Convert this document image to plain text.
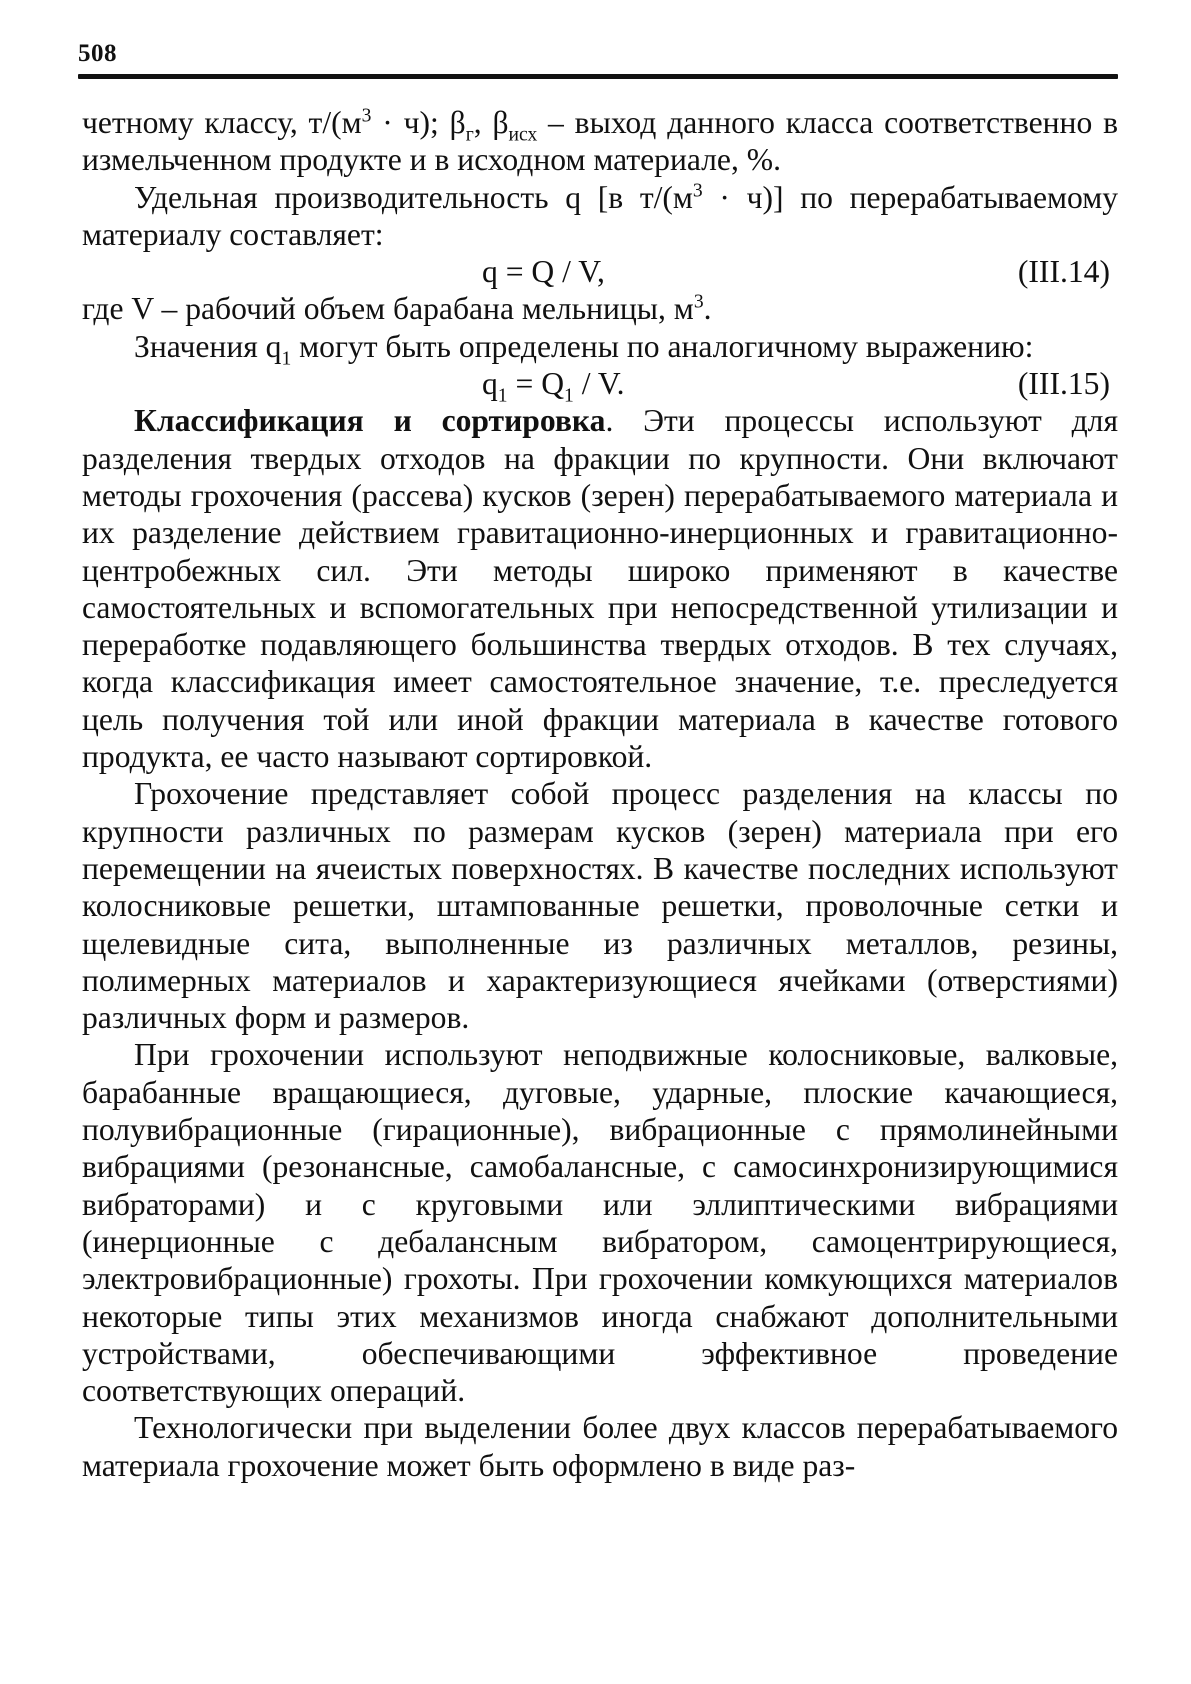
508

четному классу, $т/(м^3 \cdot ч)$; $\beta_г$, $\beta_{исх}$ – выход данного класса соответственно в измельченном продукте и в исходном материале, %.

Удельная производительность q [в $т/(м^3 \cdot ч)$] по перерабатываемому материалу составляет:

q = Q / V,	(III.14)

где V – рабочий объем барабана мельницы, $м^3$.

Значения $q_1$ могут быть определены по аналогичному выражению:

$q_1 = Q_1 / V$.	(III.15)

Классификация и сортировка. Эти процессы используют для разделения твердых отходов на фракции по крупности. Они включают методы грохочения (рассева) кусков (зерен) перерабатываемого материала и их разделение действием гравитационно-инерционных и гравитационно-центробежных сил. Эти методы широко применяют в качестве самостоятельных и вспомогательных при непосредственной утилизации и переработке подавляющего большинства твердых отходов. В тех случаях, когда классификация имеет самостоятельное значение, т.е. преследуется цель получения той или иной фракции материала в качестве готового продукта, ее часто называют сортировкой.

Грохочение представляет собой процесс разделения на классы по крупности различных по размерам кусков (зерен) материала при его перемещении на ячеистых поверхностях. В качестве последних используют колосниковые решетки, штампованные решетки, проволочные сетки и щелевидные сита, выполненные из различных металлов, резины, полимерных материалов и характеризующиеся ячейками (отверстиями) различных форм и размеров.

При грохочении используют неподвижные колосниковые, валковые, барабанные вращающиеся, дуговые, ударные, плоские качающиеся, полувибрационные (гирационные), вибрационные с прямолинейными вибрациями (резонансные, самобалансные, с самосинхронизирующимися вибраторами) и с круговыми или эллиптическими вибрациями (инерционные с дебалансным вибратором, самоцентрирующиеся, электровибрационные) грохоты. При грохочении комкующихся материалов некоторые типы этих механизмов иногда снабжают дополнительными устройствами, обеспечивающими эффективное проведение соответствующих операций.

Технологически при выделении более двух классов перерабатываемого материала грохочение может быть оформлено в виде раз-
